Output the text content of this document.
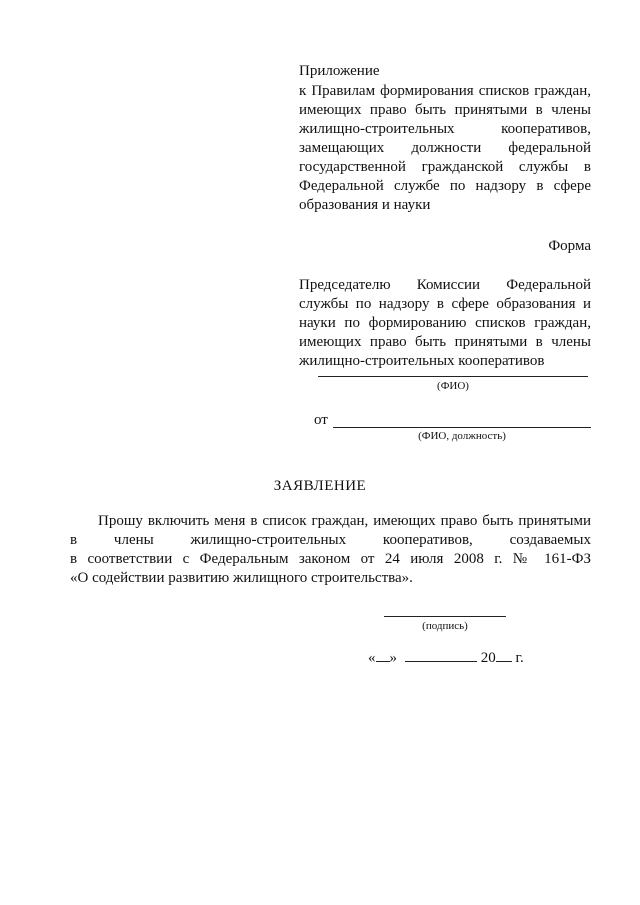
Приложение
к Правилам формирования списков граждан,
имеющих право быть принятыми в члены
жилищно-строительных кооперативов,
замещающих должности федеральной
государственной гражданской службы в
Федеральной службе по надзору в сфере
образования и науки
Форма
Председателю Комиссии Федеральной
службы по надзору в сфере образования и
науки по формированию списков граждан,
имеющих право быть принятыми в члены
жилищно-строительных кооперативов
(ФИО)
от
(ФИО, должность)
ЗАЯВЛЕНИЕ
Прошу включить меня в список граждан, имеющих право быть принятыми
в члены жилищно-строительных кооперативов, создаваемых
в соответствии с Федеральным законом от 24 июля 2008 г. № 161-ФЗ
«О содействии развитию жилищного строительства».
(подпись)
« »	20 г.
